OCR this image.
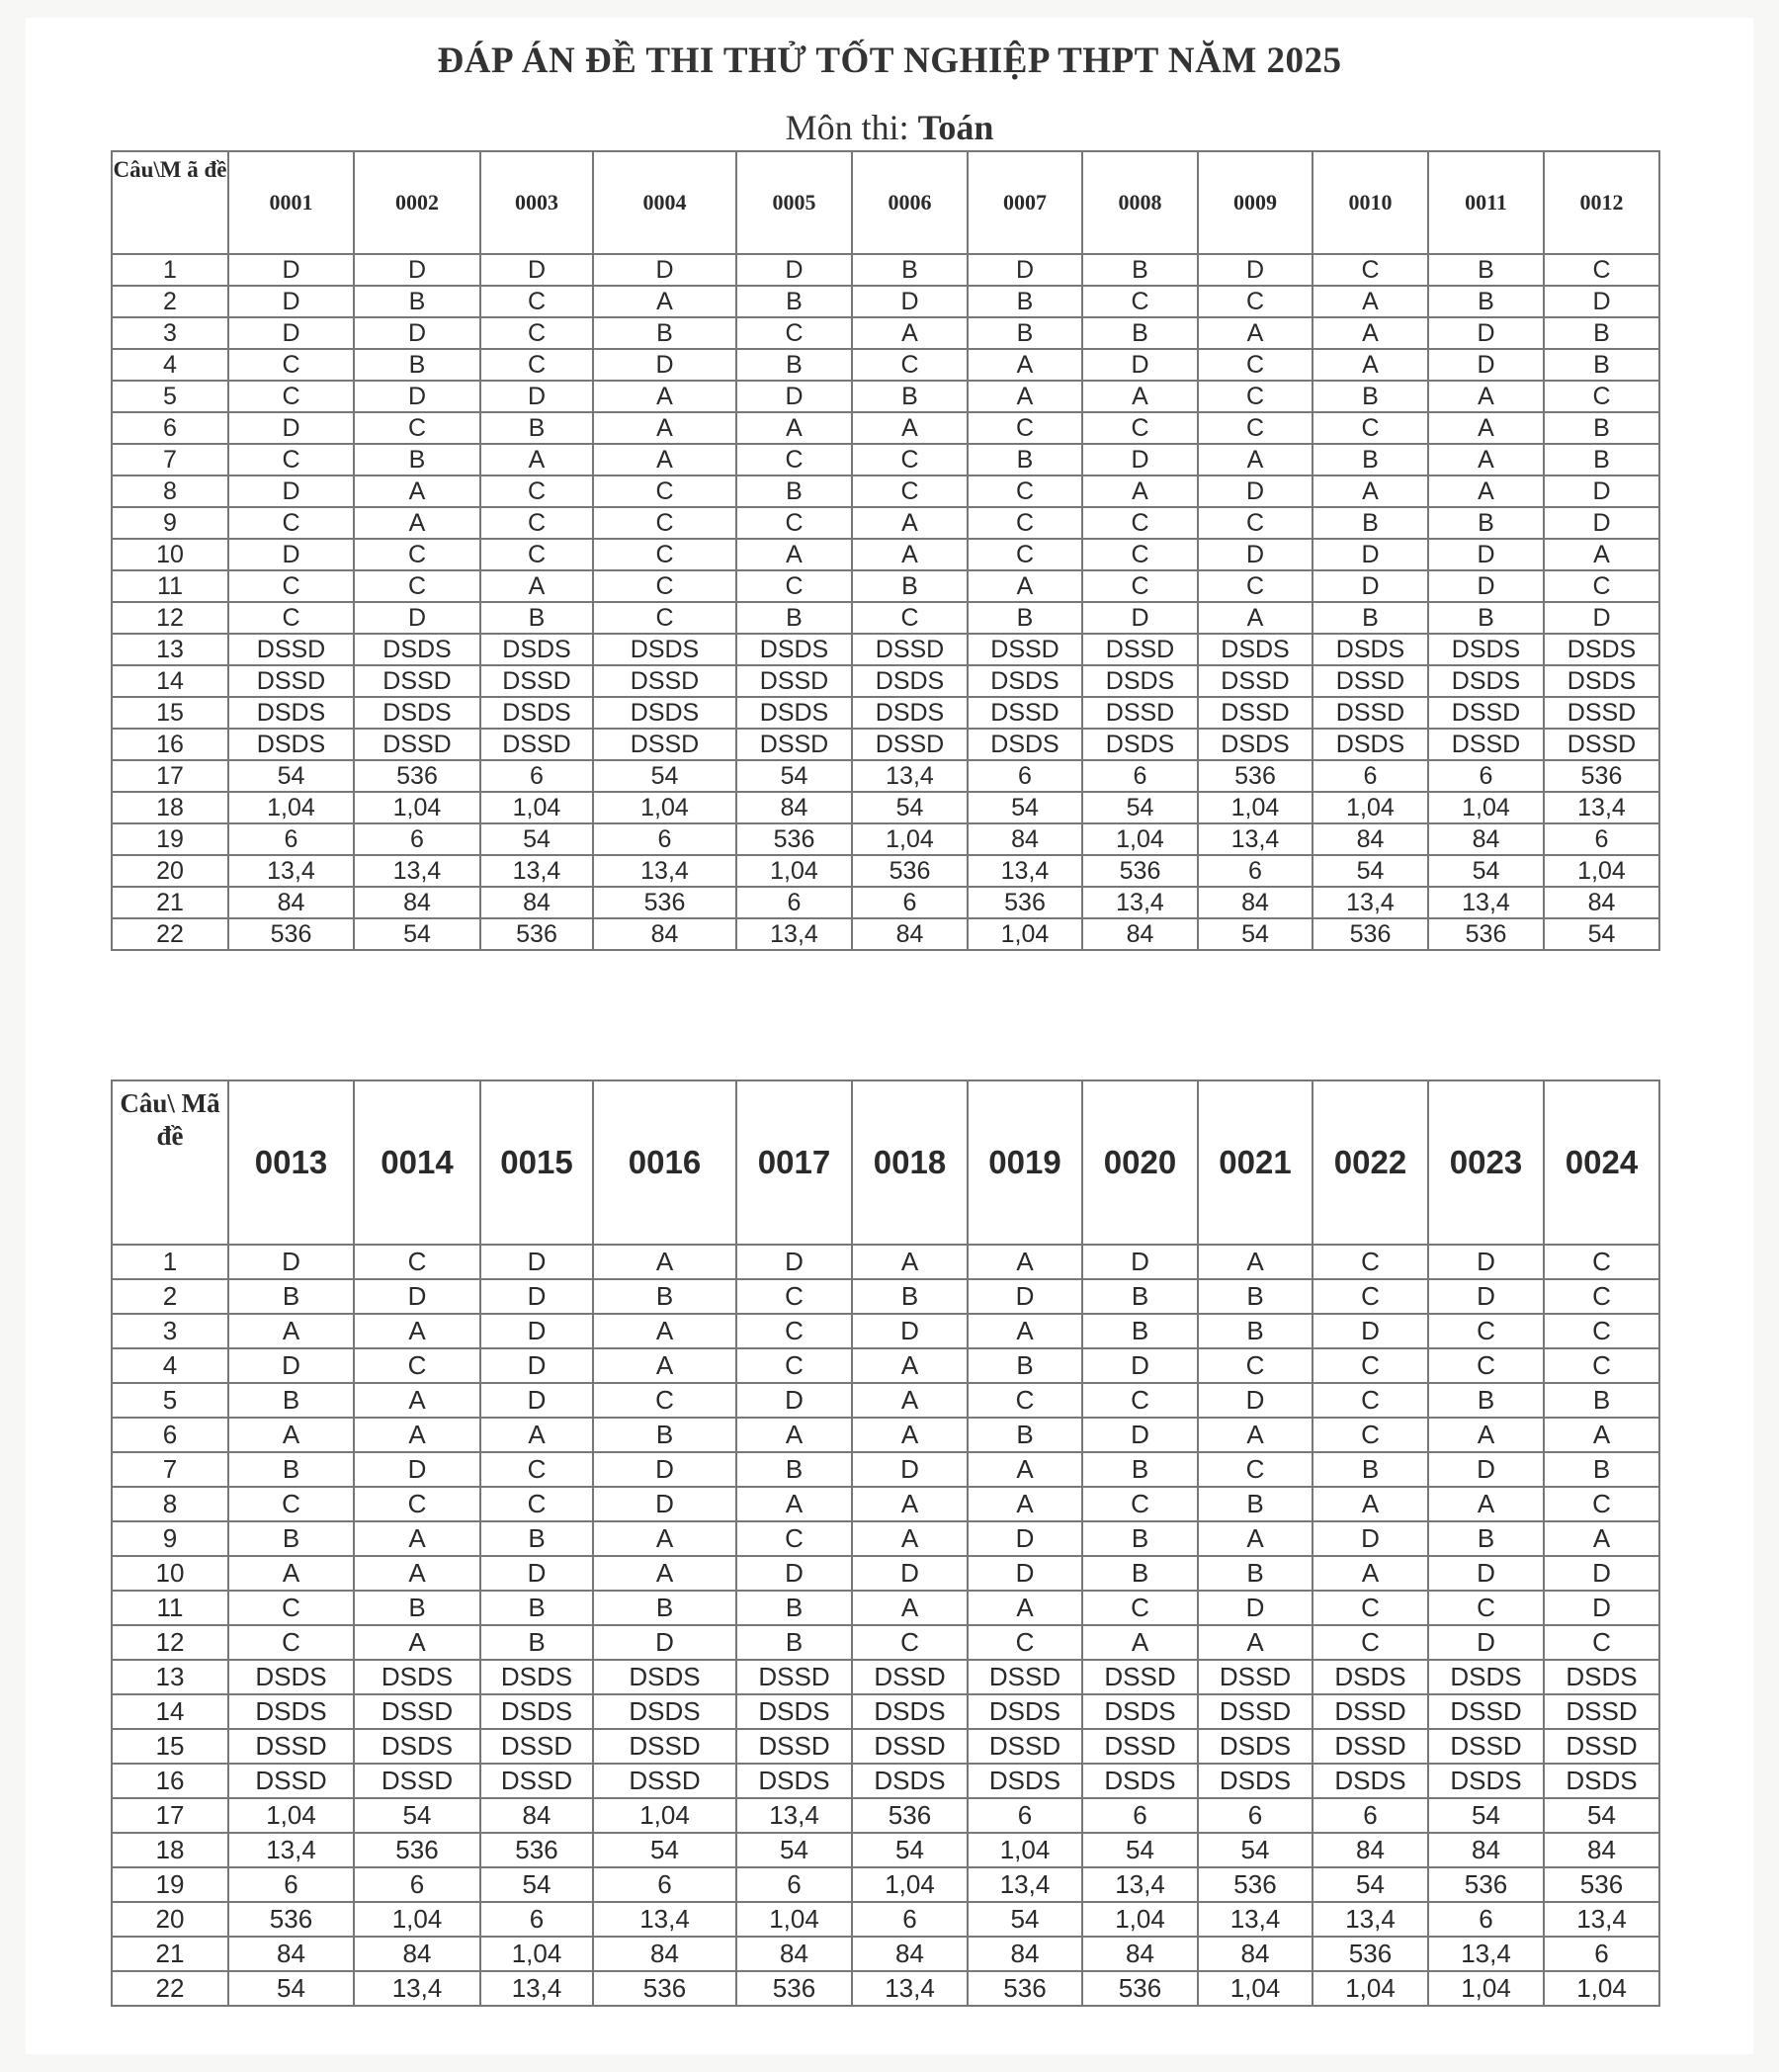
ĐÁP ÁN ĐỀ THI THỬ TỐT NGHIỆP THPT NĂM 2025
Môn thi: Toán
Câu\M ã đề	0001	0002	0003	0004	0005	0006	0007	0008	0009	0010	0011	0012
1	D	D	D	D	D	B	D	B	D	C	B	C
2	D	B	C	A	B	D	B	C	C	A	B	D
3	D	D	C	B	C	A	B	B	A	A	D	B
4	C	B	C	D	B	C	A	D	C	A	D	B
5	C	D	D	A	D	B	A	A	C	B	A	C
6	D	C	B	A	A	A	C	C	C	C	A	B
7	C	B	A	A	C	C	B	D	A	B	A	B
8	D	A	C	C	B	C	C	A	D	A	A	D
9	C	A	C	C	C	A	C	C	C	B	B	D
10	D	C	C	C	A	A	C	C	D	D	D	A
11	C	C	A	C	C	B	A	C	C	D	D	C
12	C	D	B	C	B	C	B	D	A	B	B	D
13	DSSD	DSDS	DSDS	DSDS	DSDS	DSSD	DSSD	DSSD	DSDS	DSDS	DSDS	DSDS
14	DSSD	DSSD	DSSD	DSSD	DSSD	DSDS	DSDS	DSDS	DSSD	DSSD	DSDS	DSDS
15	DSDS	DSDS	DSDS	DSDS	DSDS	DSDS	DSSD	DSSD	DSSD	DSSD	DSSD	DSSD
16	DSDS	DSSD	DSSD	DSSD	DSSD	DSSD	DSDS	DSDS	DSDS	DSDS	DSSD	DSSD
17	54	536	6	54	54	13,4	6	6	536	6	6	536
18	1,04	1,04	1,04	1,04	84	54	54	54	1,04	1,04	1,04	13,4
19	6	6	54	6	536	1,04	84	1,04	13,4	84	84	6
20	13,4	13,4	13,4	13,4	1,04	536	13,4	536	6	54	54	1,04
21	84	84	84	536	6	6	536	13,4	84	13,4	13,4	84
22	536	54	536	84	13,4	84	1,04	84	54	536	536	54
Câu\ Mã đề	0013	0014	0015	0016	0017	0018	0019	0020	0021	0022	0023	0024
1	D	C	D	A	D	A	A	D	A	C	D	C
2	B	D	D	B	C	B	D	B	B	C	D	C
3	A	A	D	A	C	D	A	B	B	D	C	C
4	D	C	D	A	C	A	B	D	C	C	C	C
5	B	A	D	C	D	A	C	C	D	C	B	B
6	A	A	A	B	A	A	B	D	A	C	A	A
7	B	D	C	D	B	D	A	B	C	B	D	B
8	C	C	C	D	A	A	A	C	B	A	A	C
9	B	A	B	A	C	A	D	B	A	D	B	A
10	A	A	D	A	D	D	D	B	B	A	D	D
11	C	B	B	B	B	A	A	C	D	C	C	D
12	C	A	B	D	B	C	C	A	A	C	D	C
13	DSDS	DSDS	DSDS	DSDS	DSSD	DSSD	DSSD	DSSD	DSSD	DSDS	DSDS	DSDS
14	DSDS	DSSD	DSDS	DSDS	DSDS	DSDS	DSDS	DSDS	DSSD	DSSD	DSSD	DSSD
15	DSSD	DSDS	DSSD	DSSD	DSSD	DSSD	DSSD	DSSD	DSDS	DSSD	DSSD	DSSD
16	DSSD	DSSD	DSSD	DSSD	DSDS	DSDS	DSDS	DSDS	DSDS	DSDS	DSDS	DSDS
17	1,04	54	84	1,04	13,4	536	6	6	6	6	54	54
18	13,4	536	536	54	54	54	1,04	54	54	84	84	84
19	6	6	54	6	6	1,04	13,4	13,4	536	54	536	536
20	536	1,04	6	13,4	1,04	6	54	1,04	13,4	13,4	6	13,4
21	84	84	1,04	84	84	84	84	84	84	536	13,4	6
22	54	13,4	13,4	536	536	13,4	536	536	1,04	1,04	1,04	1,04
